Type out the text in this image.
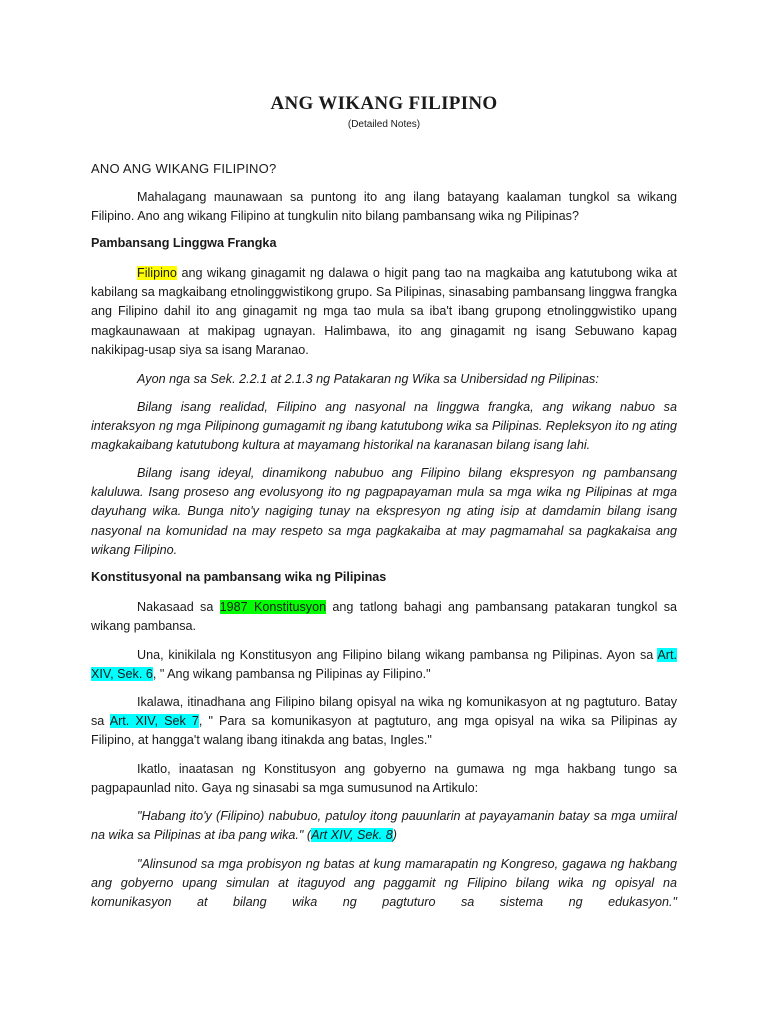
ANG WIKANG FILIPINO
(Detailed Notes)
ANO ANG WIKANG FILIPINO?
Mahalagang maunawaan sa puntong ito ang ilang batayang kaalaman tungkol sa wikang Filipino. Ano ang wikang Filipino at tungkulin nito bilang pambansang wika ng Pilipinas?
Pambansang Linggwa Frangka
Filipino ang wikang ginagamit ng dalawa o higit pang tao na magkaiba ang katutubong wika at kabilang sa magkaibang etnolinggwistikong grupo. Sa Pilipinas, sinasabing pambansang linggwa frangka ang Filipino dahil ito ang ginagamit ng mga tao mula sa iba't ibang grupong etnolinggwistiko upang magkaunawaan at makipag ugnayan. Halimbawa, ito ang ginagamit ng isang Sebuwano kapag nakikipag-usap siya sa isang Maranao.
Ayon nga sa Sek. 2.2.1 at 2.1.3 ng Patakaran ng Wika sa Unibersidad ng Pilipinas:
Bilang isang realidad, Filipino ang nasyonal na linggwa frangka, ang wikang nabuo sa interaksyon ng mga Pilipinong gumagamit ng ibang katutubong wika sa Pilipinas. Repleksyon ito ng ating magkakaibang katutubong kultura at mayamang historikal na karanasan bilang isang lahi.
Bilang isang ideyal, dinamikong nabubuo ang Filipino bilang ekspresyon ng pambansang kaluluwa. Isang proseso ang evolusyong ito ng pagpapayaman mula sa mga wika ng Pilipinas at mga dayuhang wika. Bunga nito'y nagiging tunay na ekspresyon ng ating isip at damdamin bilang isang nasyonal na komunidad na may respeto sa mga pagkakaiba at may pagmamahal sa pagkakaisa ang wikang Filipino.
Konstitusyonal na pambansang wika ng Pilipinas
Nakasaad sa 1987 Konstitusyon ang tatlong bahagi ang pambansang patakaran tungkol sa wikang pambansa.
Una, kinikilala ng Konstitusyon ang Filipino bilang wikang pambansa ng Pilipinas. Ayon sa Art. XIV, Sek. 6, " Ang wikang pambansa ng Pilipinas ay Filipino."
Ikalawa, itinadhana ang Filipino bilang opisyal na wika ng komunikasyon at ng pagtuturo. Batay sa Art. XIV, Sek 7, " Para sa komunikasyon at pagtuturo, ang mga opisyal na wika sa Pilipinas ay Filipino, at hangga't walang ibang itinakda ang batas, Ingles."
Ikatlo, inaatasan ng Konstitusyon ang gobyerno na gumawa ng mga hakbang tungo sa pagpapaunlad nito. Gaya ng sinasabi sa mga sumusunod na Artikulo:
"Habang ito'y (Filipino) nabubuo, patuloy itong pauunlarin at payayamanin batay sa mga umiiral na wika sa Pilipinas at iba pang wika." (Art XIV, Sek. 8)
"Alinsunod sa mga probisyon ng batas at kung mamarapatin ng Kongreso, gagawa ng hakbang ang gobyerno upang simulan at itaguyod ang paggamit ng Filipino bilang wika ng opisyal na komunikasyon at bilang wika ng pagtuturo sa sistema ng edukasyon."
